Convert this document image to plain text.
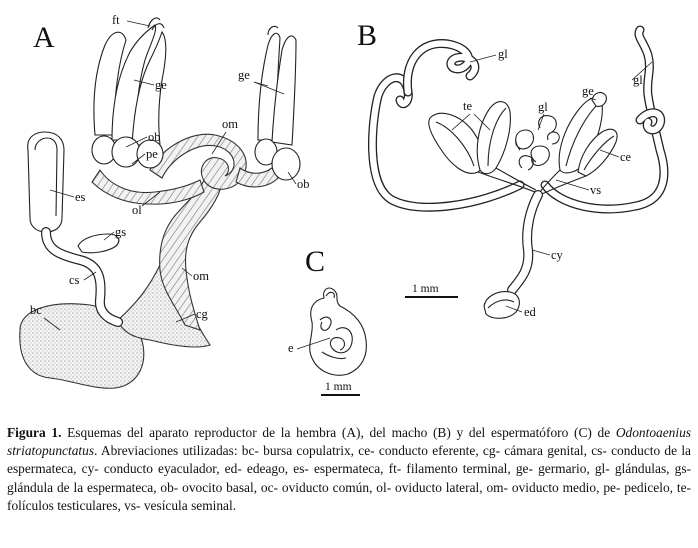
A
ft
ge
ob
pe
om
ge
ob
ol
es
gs
cs	om
bc	cg
B
gl
gl
gl
te
ge
ce
vs
cy
ed
1 mm
C
e
1 mm
Figura 1. Esquemas del aparato reproductor de la hembra (A), del macho (B) y del espermatóforo (C) de Odontoaenius striatopunctatus. Abreviaciones utilizadas: bc- bursa copulatrix, ce- conducto eferente, cg- cámara genital, cs- conducto de la espermateca, cy- conducto eyaculador, ed- edeago, es- espermateca, ft- filamento terminal, ge- germario, gl- glándulas, gs- glándula de la espermateca, ob- ovocito basal, oc- oviducto común, ol- oviducto lateral, om- oviducto medio, pe- pedicelo, te- folículos testiculares, vs- vesícula seminal.
